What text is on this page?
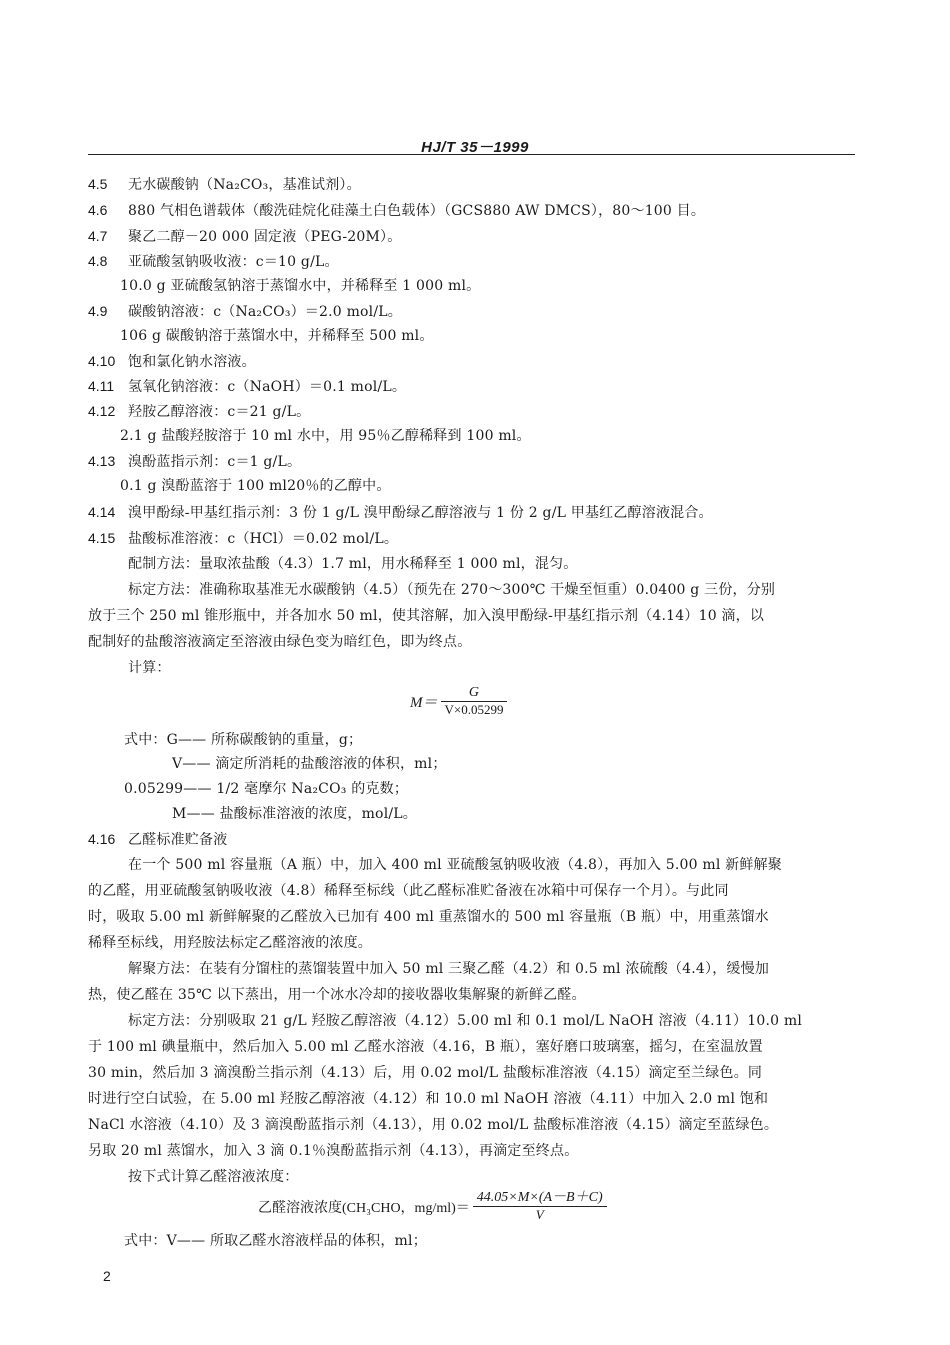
HJ/T 35－1999
4.5 无水碳酸钠（Na₂CO₃，基准试剂）。
4.6 880 气相色谱载体（酸洗硅烷化硅藻土白色载体）（GCS880 AW DMCS），80～100 目。
4.7 聚乙二醇－20 000 固定液（PEG-20M）。
4.8 亚硫酸氢钠吸收液：c＝10 g/L。
10.0 g 亚硫酸氢钠溶于蒸馏水中，并稀释至 1 000 ml。
4.9 碳酸钠溶液：c（Na₂CO₃）＝2.0 mol/L。
106 g 碳酸钠溶于蒸馏水中，并稀释至 500 ml。
4.10 饱和氯化钠水溶液。
4.11 氢氧化钠溶液：c（NaOH）＝0.1 mol/L。
4.12 羟胺乙醇溶液：c＝21 g/L。
2.1 g 盐酸羟胺溶于 10 ml 水中，用 95％乙醇稀释到 100 ml。
4.13 溴酚蓝指示剂：c＝1 g/L。
0.1 g 溴酚蓝溶于 100 ml20％的乙醇中。
4.14 溴甲酚绿-甲基红指示剂：3 份 1 g/L 溴甲酚绿乙醇溶液与 1 份 2 g/L 甲基红乙醇溶液混合。
4.15 盐酸标准溶液：c（HCl）＝0.02 mol/L。
配制方法：量取浓盐酸（4.3）1.7 ml，用水稀释至 1 000 ml，混匀。
标定方法：准确称取基准无水碳酸钠（4.5）（预先在 270～300℃ 干燥至恒重）0.0400 g 三份，分别
放于三个 250 ml 锥形瓶中，并各加水 50 ml，使其溶解，加入溴甲酚绿-甲基红指示剂（4.14）10 滴，以
配制好的盐酸溶液滴定至溶液由绿色变为暗红色，即为终点。
计算：
$M= \frac{G}{V\times 0.05299}$
式中：G—— 所称碳酸钠的重量，g；
V—— 滴定所消耗的盐酸溶液的体积，ml；
0.05299—— 1/2 毫摩尔 Na₂CO₃ 的克数；
M—— 盐酸标准溶液的浓度，mol/L。
4.16 乙醛标准贮备液
在一个 500 ml 容量瓶（A 瓶）中，加入 400 ml 亚硫酸氢钠吸收液（4.8），再加入 5.00 ml 新鲜解聚
的乙醛，用亚硫酸氢钠吸收液（4.8）稀释至标线（此乙醛标准贮备液在冰箱中可保存一个月）。与此同
时，吸取 5.00 ml 新鲜解聚的乙醛放入已加有 400 ml 重蒸馏水的 500 ml 容量瓶（B 瓶）中，用重蒸馏水
稀释至标线，用羟胺法标定乙醛溶液的浓度。
解聚方法：在装有分馏柱的蒸馏装置中加入 50 ml 三聚乙醛（4.2）和 0.5 ml 浓硫酸（4.4），缓慢加
热，使乙醛在 35℃ 以下蒸出，用一个冰水冷却的接收器收集解聚的新鲜乙醛。
标定方法：分别吸取 21 g/L 羟胺乙醇溶液（4.12）5.00 ml 和 0.1 mol/L NaOH 溶液（4.11）10.0 ml
于 100 ml 碘量瓶中，然后加入 5.00 ml 乙醛水溶液（4.16，B 瓶），塞好磨口玻璃塞，摇匀，在室温放置
30 min，然后加 3 滴溴酚兰指示剂（4.13）后，用 0.02 mol/L 盐酸标准溶液（4.15）滴定至兰绿色。同
时进行空白试验，在 5.00 ml 羟胺乙醇溶液（4.12）和 10.0 ml NaOH 溶液（4.11）中加入 2.0 ml 饱和
NaCl 水溶液（4.10）及 3 滴溴酚蓝指示剂（4.13），用 0.02 mol/L 盐酸标准溶液（4.15）滴定至蓝绿色。
另取 20 ml 蒸馏水，加入 3 滴 0.1％溴酚蓝指示剂（4.13），再滴定至终点。
按下式计算乙醛溶液浓度：
乙醛溶液浓度(CH₃CHO，$mg/ml)= \frac{44.05\times M\times(A-B+C)}{V}$
式中：V—— 所取乙醛水溶液样品的体积，ml；
2
